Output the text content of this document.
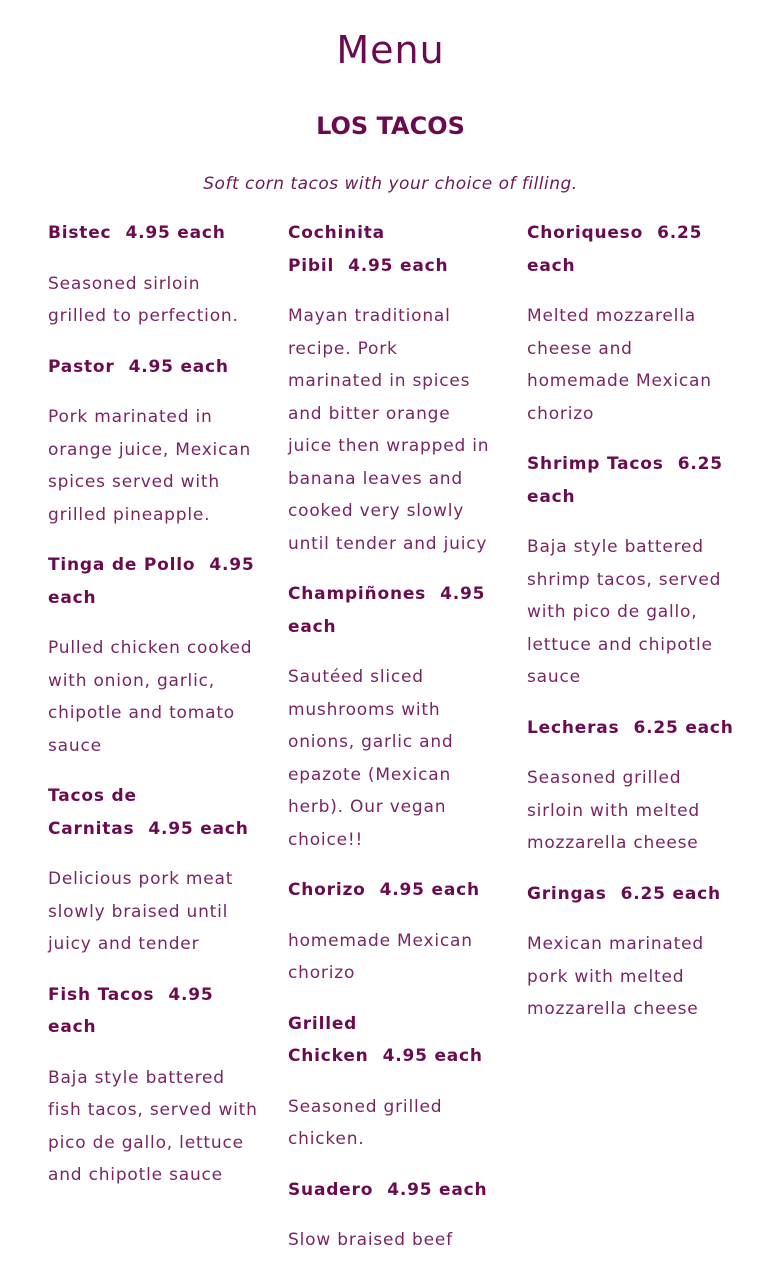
Menu
LOS TACOS
Soft corn tacos with your choice of filling.

Bistec 4.95 each

Seasoned sirloin grilled to perfection.

Pastor 4.95 each

Pork marinated in orange juice, Mexican spices served with grilled pineapple.

Tinga de Pollo 4.95 each

Pulled chicken cooked with onion, garlic, chipotle and tomato sauce

Tacos de Carnitas 4.95 each

Delicious pork meat slowly braised until juicy and tender

Fish Tacos 4.95 each

Baja style battered fish tacos, served with pico de gallo, lettuce and chipotle sauce

Cochinita Pibil 4.95 each

Mayan traditional recipe. Pork marinated in spices and bitter orange juice then wrapped in banana leaves and cooked very slowly until tender and juicy

Champiñones 4.95 each

Sautéed sliced mushrooms with onions, garlic and epazote (Mexican herb). Our vegan choice!!

Chorizo 4.95 each

homemade Mexican chorizo

Grilled Chicken 4.95 each

Seasoned grilled chicken.

Suadero 4.95 each

Slow braised beef

Choriqueso 6.25 each

Melted mozzarella cheese and homemade Mexican chorizo

Shrimp Tacos 6.25 each

Baja style battered shrimp tacos, served with pico de gallo, lettuce and chipotle sauce

Lecheras 6.25 each

Seasoned grilled sirloin with melted mozzarella cheese

Gringas 6.25 each

Mexican marinated pork with melted mozzarella cheese
